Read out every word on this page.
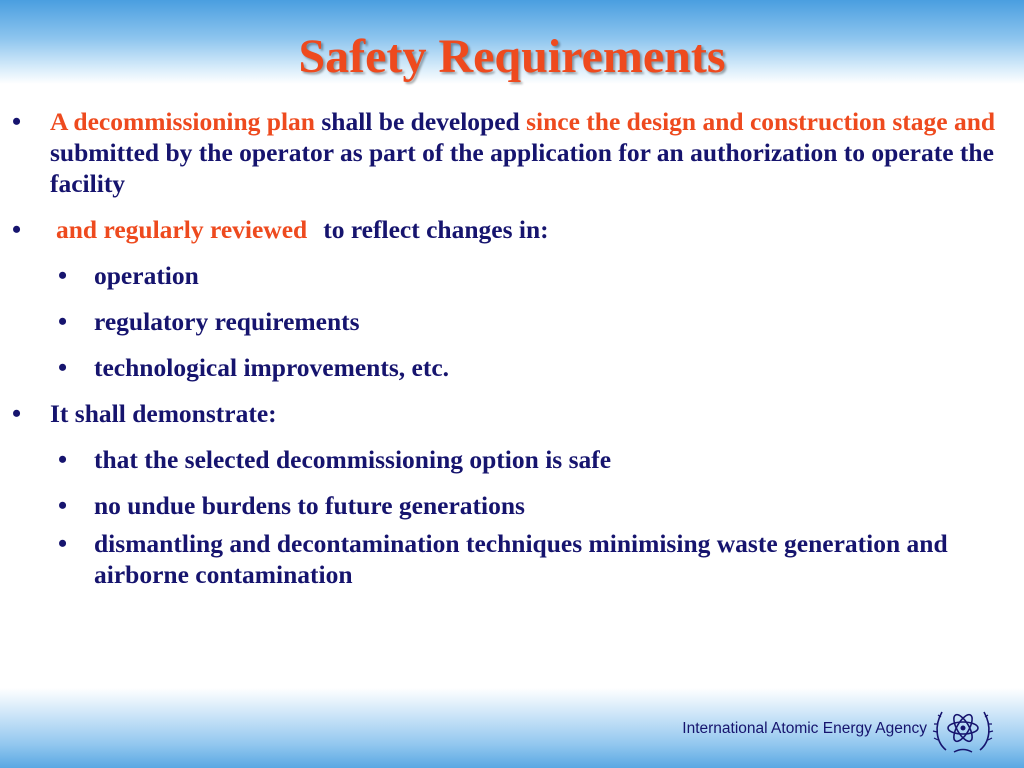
Safety Requirements
• A decommissioning plan shall be developed since the design and construction stage and submitted by the operator as part of the application for an authorization to operate the facility
• and regularly reviewed to reflect changes in:
• operation
• regulatory requirements
• technological improvements, etc.
• It shall demonstrate:
• that the selected decommissioning option is safe
• no undue burdens to future generations
• dismantling and decontamination techniques minimising waste generation and airborne contamination
International Atomic Energy Agency
